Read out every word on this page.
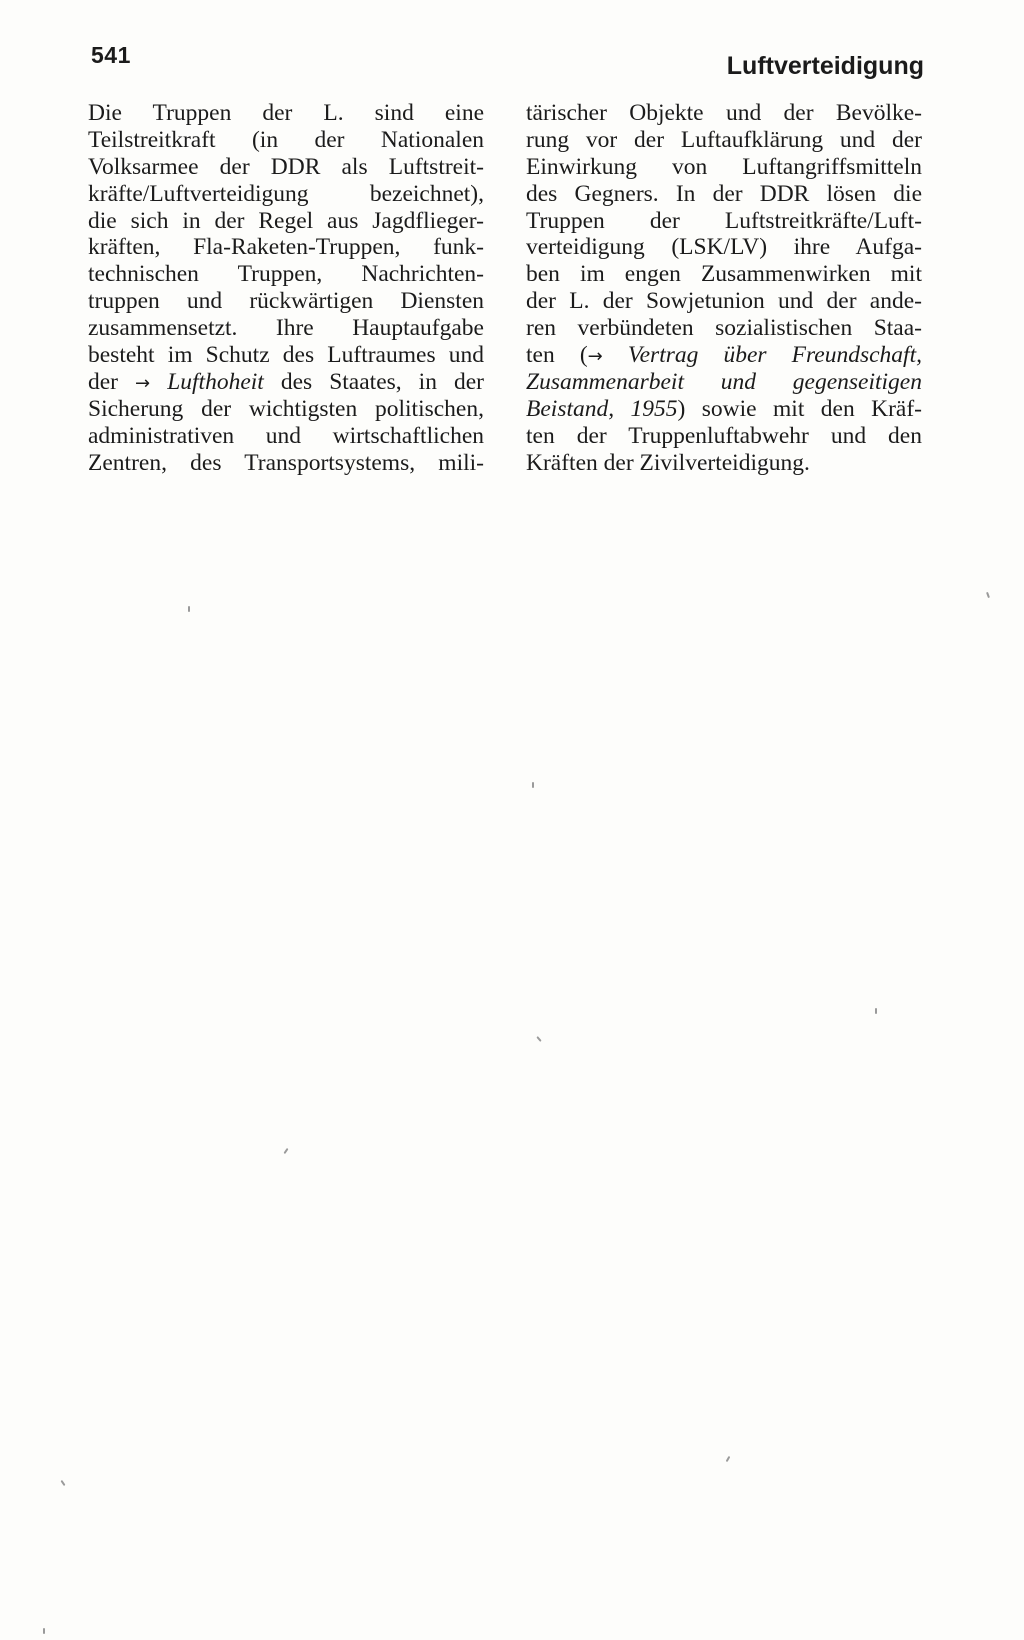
541	Luftverteidigung
Die Truppen der L. sind eine
Teilstreitkraft (in der Nationalen
Volksarmee der DDR als Luftstreit-
kräfte/Luftverteidigung bezeichnet),
die sich in der Regel aus Jagdflieger-
kräften, Fla-Raketen-Truppen, funk-
technischen Truppen, Nachrichten-
truppen und rückwärtigen Diensten
zusammensetzt. Ihre Hauptaufgabe
besteht im Schutz des Luftraumes und
der → Lufthoheit des Staates, in der
Sicherung der wichtigsten politischen,
administrativen und wirtschaftlichen
Zentren, des Transportsystems, mili-
tärischer Objekte und der Bevölke-
rung vor der Luftaufklärung und der
Einwirkung von Luftangriffsmitteln
des Gegners. In der DDR lösen die
Truppen der Luftstreitkräfte/Luft-
verteidigung (LSK/LV) ihre Aufga-
ben im engen Zusammenwirken mit
der L. der Sowjetunion und der ande-
ren verbündeten sozialistischen Staa-
ten (→ Vertrag über Freundschaft,
Zusammenarbeit und gegenseitigen
Beistand, 1955) sowie mit den Kräf-
ten der Truppenluftabwehr und den
Kräften der Zivilverteidigung.
